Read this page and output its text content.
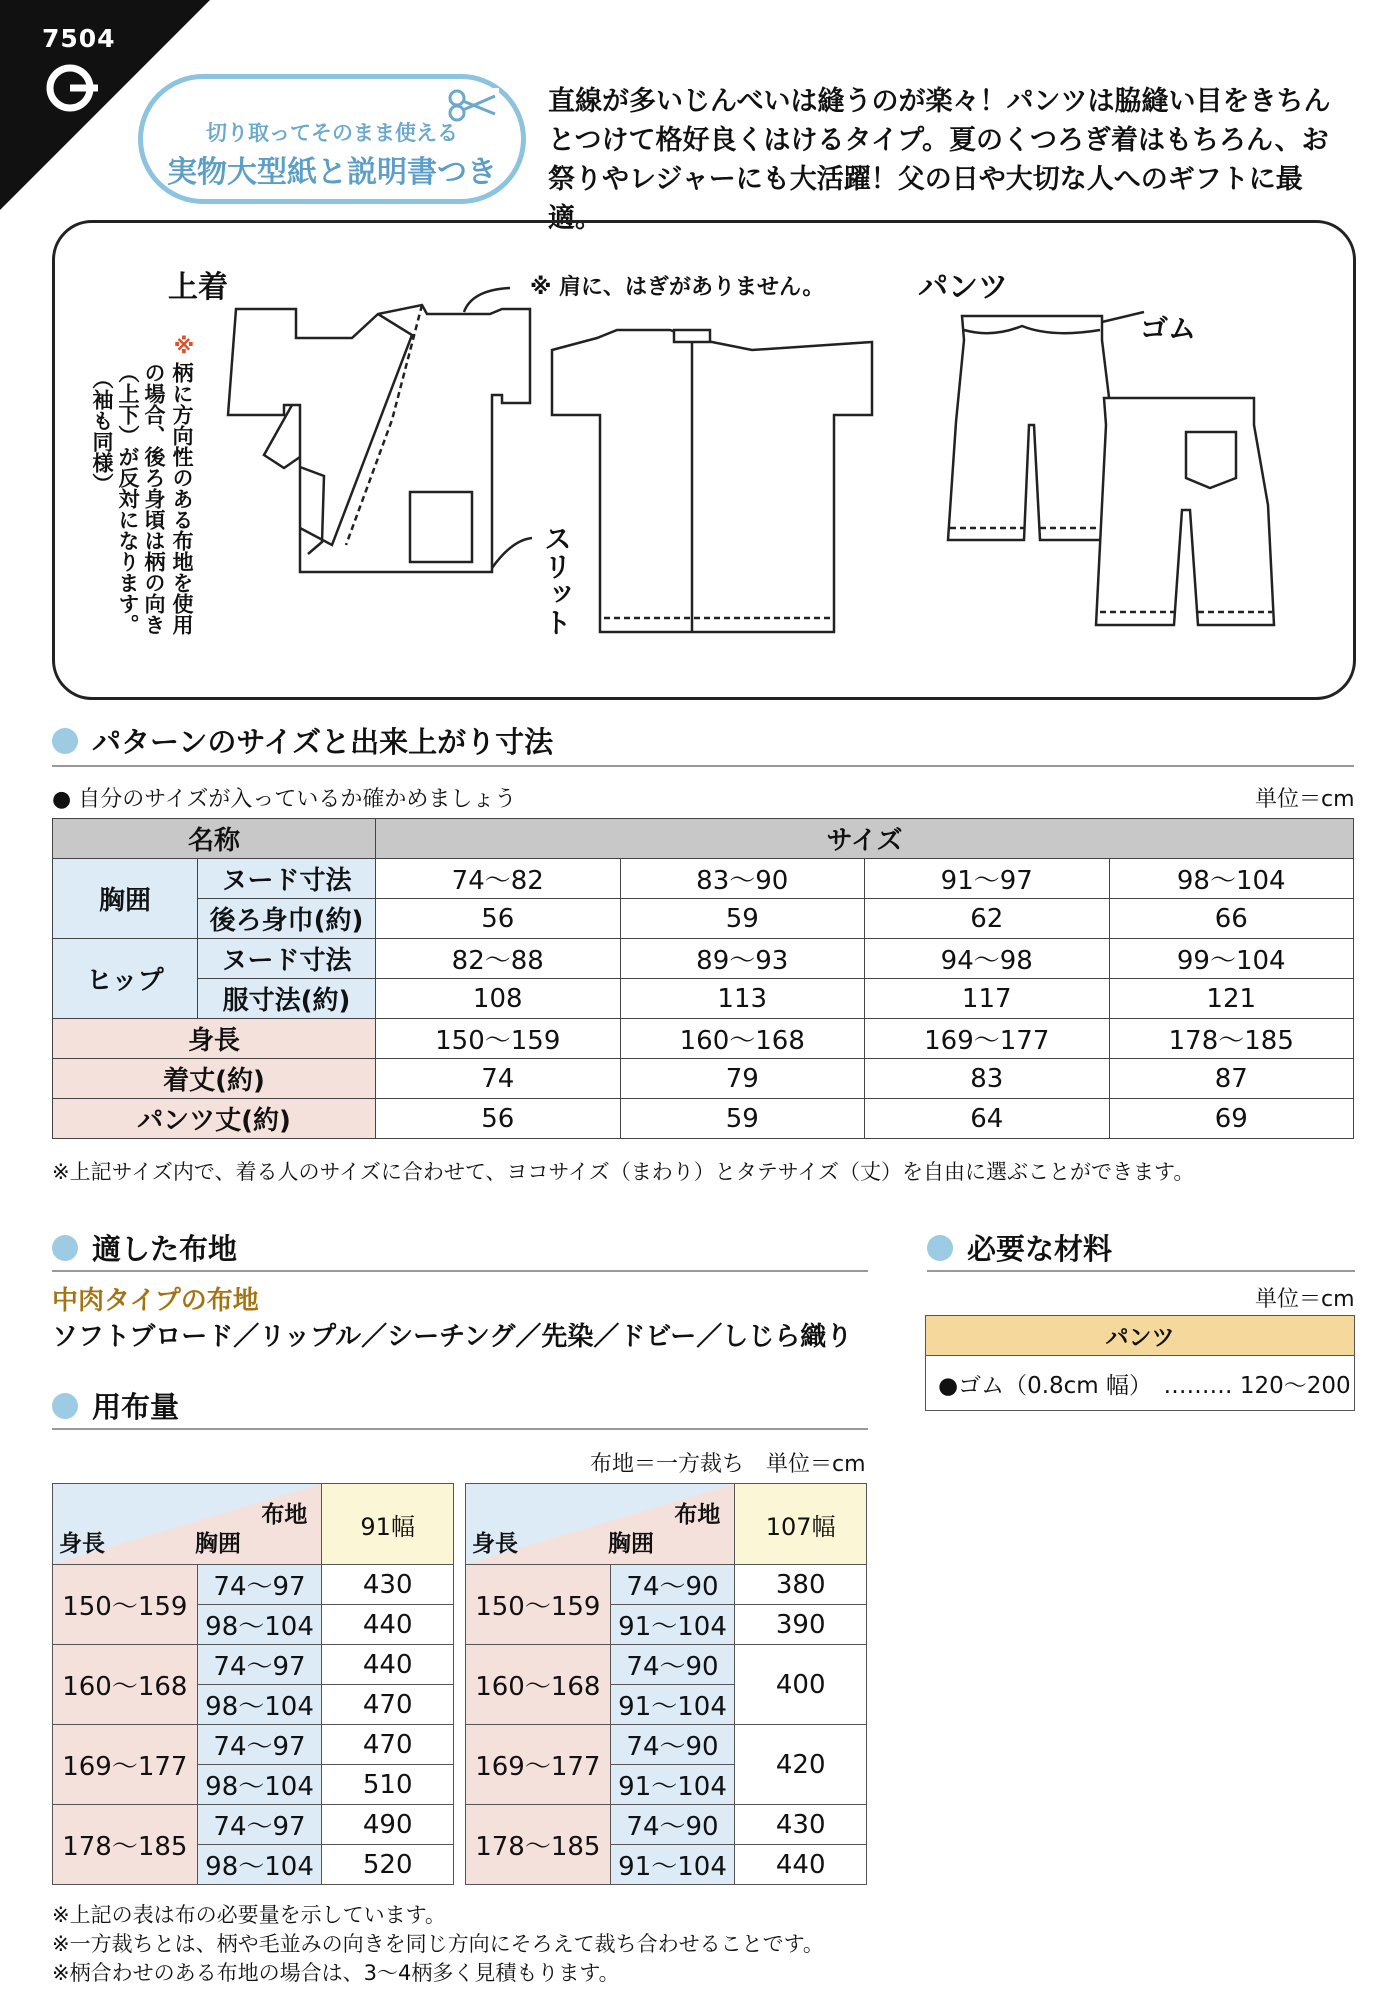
7504
切り取ってそのまま使える
実物大型紙と説明書つき
直線が多いじんべいは縫うのが楽々！パンツは脇縫い目をきちん
とつけて格好良くはけるタイプ。夏のくつろぎ着はもちろん、お
祭りやレジャーにも大活躍！父の日や大切な人へのギフトに最適。
上着	パンツ
※ 肩に、はぎがありません。
ゴム
スリット
※
柄に方向性のある布地を使用
の場合、後ろ身頃は柄の向き
（上下）が反対になります。
（袖も同様）
パターンのサイズと出来上がり寸法
● 自分のサイズが入っているか確かめましょう	単位＝cm
名称		サイズ			
胸囲	ヌード寸法	74〜82	83〜90	91〜97	98〜104
	後ろ身巾(約)	56	59	62	66
ヒップ	ヌード寸法	82〜88	89〜93	94〜98	99〜104
	服寸法(約)	108	113	117	121
身長		150〜159	160〜168	169〜177	178〜185
着丈(約)		74	79	83	87
パンツ丈(約)		56	59	64	69
※上記サイズ内で、着る人のサイズに合わせて、ヨコサイズ（まわり）とタテサイズ（丈）を自由に選ぶことができます。
適した布地
中肉タイプの布地
ソフトブロード／リップル／シーチング／先染／ドビー／しじら織り
必要な材料
単位＝cm
パンツ
●ゴム（0.8cm 幅）　……… 120〜200
用布量
布地＝一方裁ち　単位＝cm
布地
身長 胸囲		91幅
150〜159	74〜97	430
	98〜104	440
160〜168	74〜97	440
	98〜104	470
169〜177	74〜97	470
	98〜104	510
178〜185	74〜97	490
	98〜104	520
布地
身長 胸囲		107幅
150〜159	74〜90	380
	91〜104	390
160〜168	74〜90	400
	91〜104	
169〜177	74〜90	420
	91〜104	
178〜185	74〜90	430
	91〜104	440
※上記の表は布の必要量を示しています。
※一方裁ちとは、柄や毛並みの向きを同じ方向にそろえて裁ち合わせることです。
※柄合わせのある布地の場合は、3〜4柄多く見積もります。
